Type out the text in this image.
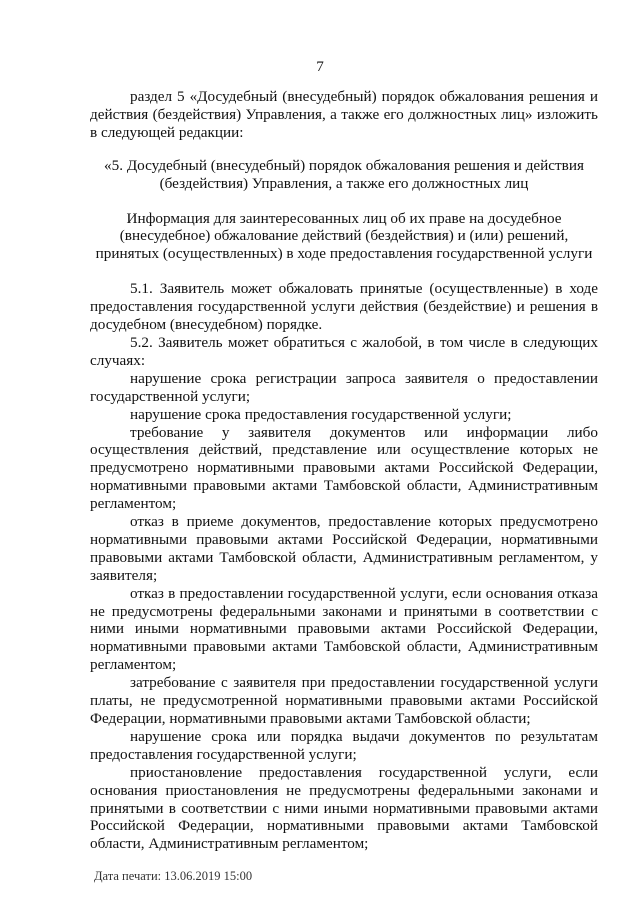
7

раздел 5 «Досудебный (внесудебный) порядок обжалования решения и действия (бездействия) Управления, а также его должностных лиц» изложить в следующей редакции:

«5. Досудебный (внесудебный) порядок обжалования решения и действия (бездействия) Управления, а также его должностных лиц

Информация для заинтересованных лиц об их праве на досудебное (внесудебное) обжалование действий (бездействия) и (или) решений, принятых (осуществленных) в ходе предоставления государственной услуги

5.1. Заявитель может обжаловать принятые (осуществленные) в ходе предоставления государственной услуги действия (бездействие) и решения в досудебном (внесудебном) порядке.

5.2. Заявитель может обратиться с жалобой, в том числе в следующих случаях:

нарушение срока регистрации запроса заявителя о предоставлении государственной услуги;

нарушение срока предоставления государственной услуги;

требование у заявителя документов или информации либо осуществления действий, представление или осуществление которых не предусмотрено нормативными правовыми актами Российской Федерации, нормативными правовыми актами Тамбовской области, Административным регламентом;

отказ в приеме документов, предоставление которых предусмотрено нормативными правовыми актами Российской Федерации, нормативными правовыми актами Тамбовской области, Административным регламентом, у заявителя;

отказ в предоставлении государственной услуги, если основания отказа не предусмотрены федеральными законами и принятыми в соответствии с ними иными нормативными правовыми актами Российской Федерации, нормативными правовыми актами Тамбовской области, Административным регламентом;

затребование с заявителя при предоставлении государственной услуги платы, не предусмотренной нормативными правовыми актами Российской Федерации, нормативными правовыми актами Тамбовской области;

нарушение срока или порядка выдачи документов по результатам предоставления государственной услуги;

приостановление предоставления государственной услуги, если основания приостановления не предусмотрены федеральными законами и принятыми в соответствии с ними иными нормативными правовыми актами Российской Федерации, нормативными правовыми актами Тамбовской области, Административным регламентом;

Дата печати: 13.06.2019 15:00
